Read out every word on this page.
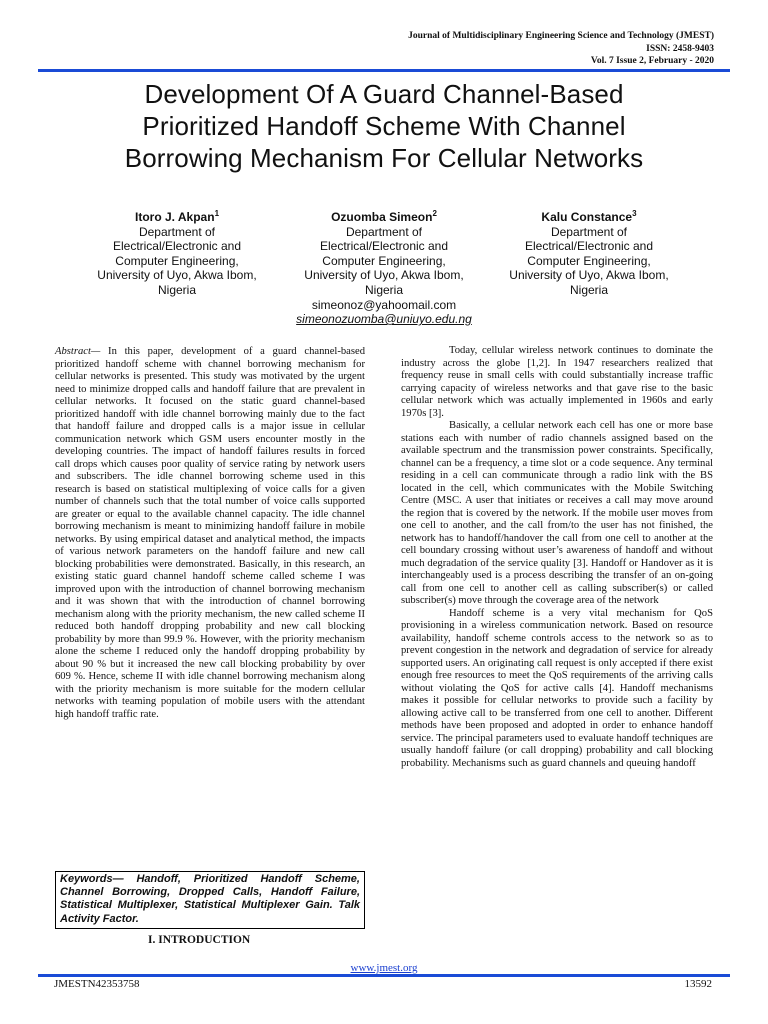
Journal of Multidisciplinary Engineering Science and Technology (JMEST)
ISSN: 2458-9403
Vol. 7 Issue 2, February - 2020
Development Of A Guard Channel-Based
Prioritized Handoff Scheme With Channel
Borrowing Mechanism For Cellular Networks
Itoro J. Akpan$^1$
Department of
Electrical/Electronic and
Computer Engineering,
University of Uyo, Akwa Ibom,
Nigeria
Ozuomba Simeon$^2$
Department of
Electrical/Electronic and
Computer Engineering,
University of Uyo, Akwa Ibom,
Nigeria
simeonoz@yahoomail.com
simeonozuomba@uniuyo.edu.ng
Kalu Constance$^3$
Department of
Electrical/Electronic and
Computer Engineering,
University of Uyo, Akwa Ibom,
Nigeria
Abstract— In this paper, development of a guard channel-based prioritized handoff scheme with channel borrowing mechanism for cellular networks is presented. This study was motivated by the urgent need to minimize dropped calls and handoff failure that are prevalent in cellular networks. It focused on the static guard channel-based prioritized handoff with idle channel borrowing mainly due to the fact that handoff failure and dropped calls is a major issue in cellular communication network which GSM users encounter mostly in the developing countries. The impact of handoff failures results in forced call drops which causes poor quality of service rating by network users and subscribers. The idle channel borrowing scheme used in this research is based on statistical multiplexing of voice calls for a given number of channels such that the total number of voice calls supported are greater or equal to the available channel capacity. The idle channel borrowing mechanism is meant to minimizing handoff failure in mobile networks. By using empirical dataset and analytical method, the impacts of various network parameters on the handoff failure and new call blocking probabilities were demonstrated. Basically, in this research, an existing static guard channel handoff scheme called scheme I was improved upon with the introduction of channel borrowing mechanism and it was shown that with the introduction of channel borrowing mechanism along with the priority mechanism, the new called scheme II reduced both handoff dropping probability and new call blocking probability by more than 99.9 %. However, with the priority mechanism alone the scheme I reduced only the handoff dropping probability by about 90 % but it increased the new call blocking probability by over 609 %. Hence, scheme II with idle channel borrowing mechanism along with the priority mechanism is more suitable for the modern cellular networks with teaming population of mobile users with the attendant high handoff traffic rate.
Keywords— Handoff, Prioritized Handoff Scheme, Channel Borrowing, Dropped Calls, Handoff Failure, Statistical Multiplexer, Statistical Multiplexer Gain. Talk Activity Factor.
I. INTRODUCTION
Today, cellular wireless network continues to dominate the industry across the globe [1,2]. In 1947 researchers realized that frequency reuse in small cells with could substantially increase traffic carrying capacity of wireless networks and that gave rise to the basic cellular network which was actually implemented in 1960s and early 1970s [3].
Basically, a cellular network each cell has one or more base stations each with number of radio channels assigned based on the available spectrum and the transmission power constraints. Specifically, channel can be a frequency, a time slot or a code sequence. Any terminal residing in a cell can communicate through a radio link with the BS located in the cell, which communicates with the Mobile Switching Centre (MSC. A user that initiates or receives a call may move around the region that is covered by the network. If the mobile user moves from one cell to another, and the call from/to the user has not finished, the network has to handoff/handover the call from one cell to another at the cell boundary crossing without user’s awareness of handoff and without much degradation of the service quality [3]. Handoff or Handover as it is interchangeably used is a process describing the transfer of an on-going call from one cell to another cell as calling subscriber(s) or called subscriber(s) move through the coverage area of the network
Handoff scheme is a very vital mechanism for QoS provisioning in a wireless communication network. Based on resource availability, handoff scheme controls access to the network so as to prevent congestion in the network and degradation of service for already supported users. An originating call request is only accepted if there exist enough free resources to meet the QoS requirements of the arriving calls without violating the QoS for active calls [4]. Handoff mechanisms makes it possible for cellular networks to provide such a facility by allowing active call to be transferred from one cell to another. Different methods have been proposed and adopted in order to enhance handoff service. The principal parameters used to evaluate handoff techniques are usually handoff failure (or call dropping) probability and call blocking probability. Mechanisms such as guard channels and queuing handoff
www.jmest.org
JMESTN42353758	13592
